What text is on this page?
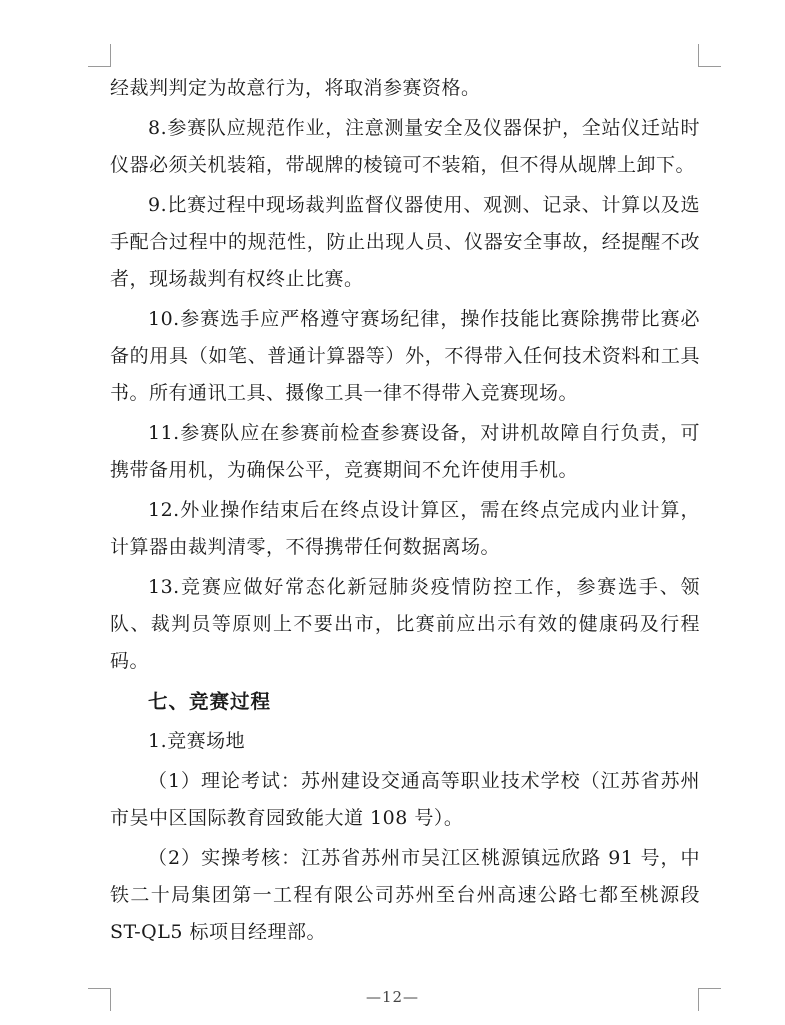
经裁判判定为故意行为，将取消参赛资格。

8.参赛队应规范作业，注意测量安全及仪器保护，全站仪迁站时仪器必须关机装箱，带觇牌的棱镜可不装箱，但不得从觇牌上卸下。

9.比赛过程中现场裁判监督仪器使用、观测、记录、计算以及选手配合过程中的规范性，防止出现人员、仪器安全事故，经提醒不改者，现场裁判有权终止比赛。

10.参赛选手应严格遵守赛场纪律，操作技能比赛除携带比赛必备的用具（如笔、普通计算器等）外，不得带入任何技术资料和工具书。所有通讯工具、摄像工具一律不得带入竞赛现场。

11.参赛队应在参赛前检查参赛设备，对讲机故障自行负责，可携带备用机，为确保公平，竞赛期间不允许使用手机。

12.外业操作结束后在终点设计算区，需在终点完成内业计算，计算器由裁判清零，不得携带任何数据离场。

13.竞赛应做好常态化新冠肺炎疫情防控工作，参赛选手、领队、裁判员等原则上不要出市，比赛前应出示有效的健康码及行程码。

七、竞赛过程

1.竞赛场地

（1）理论考试：苏州建设交通高等职业技术学校（江苏省苏州市吴中区国际教育园致能大道 108 号）。

（2）实操考核：江苏省苏州市吴江区桃源镇远欣路 91 号，中铁二十局集团第一工程有限公司苏州至台州高速公路七都至桃源段 ST-QL5 标项目经理部。

—12—
